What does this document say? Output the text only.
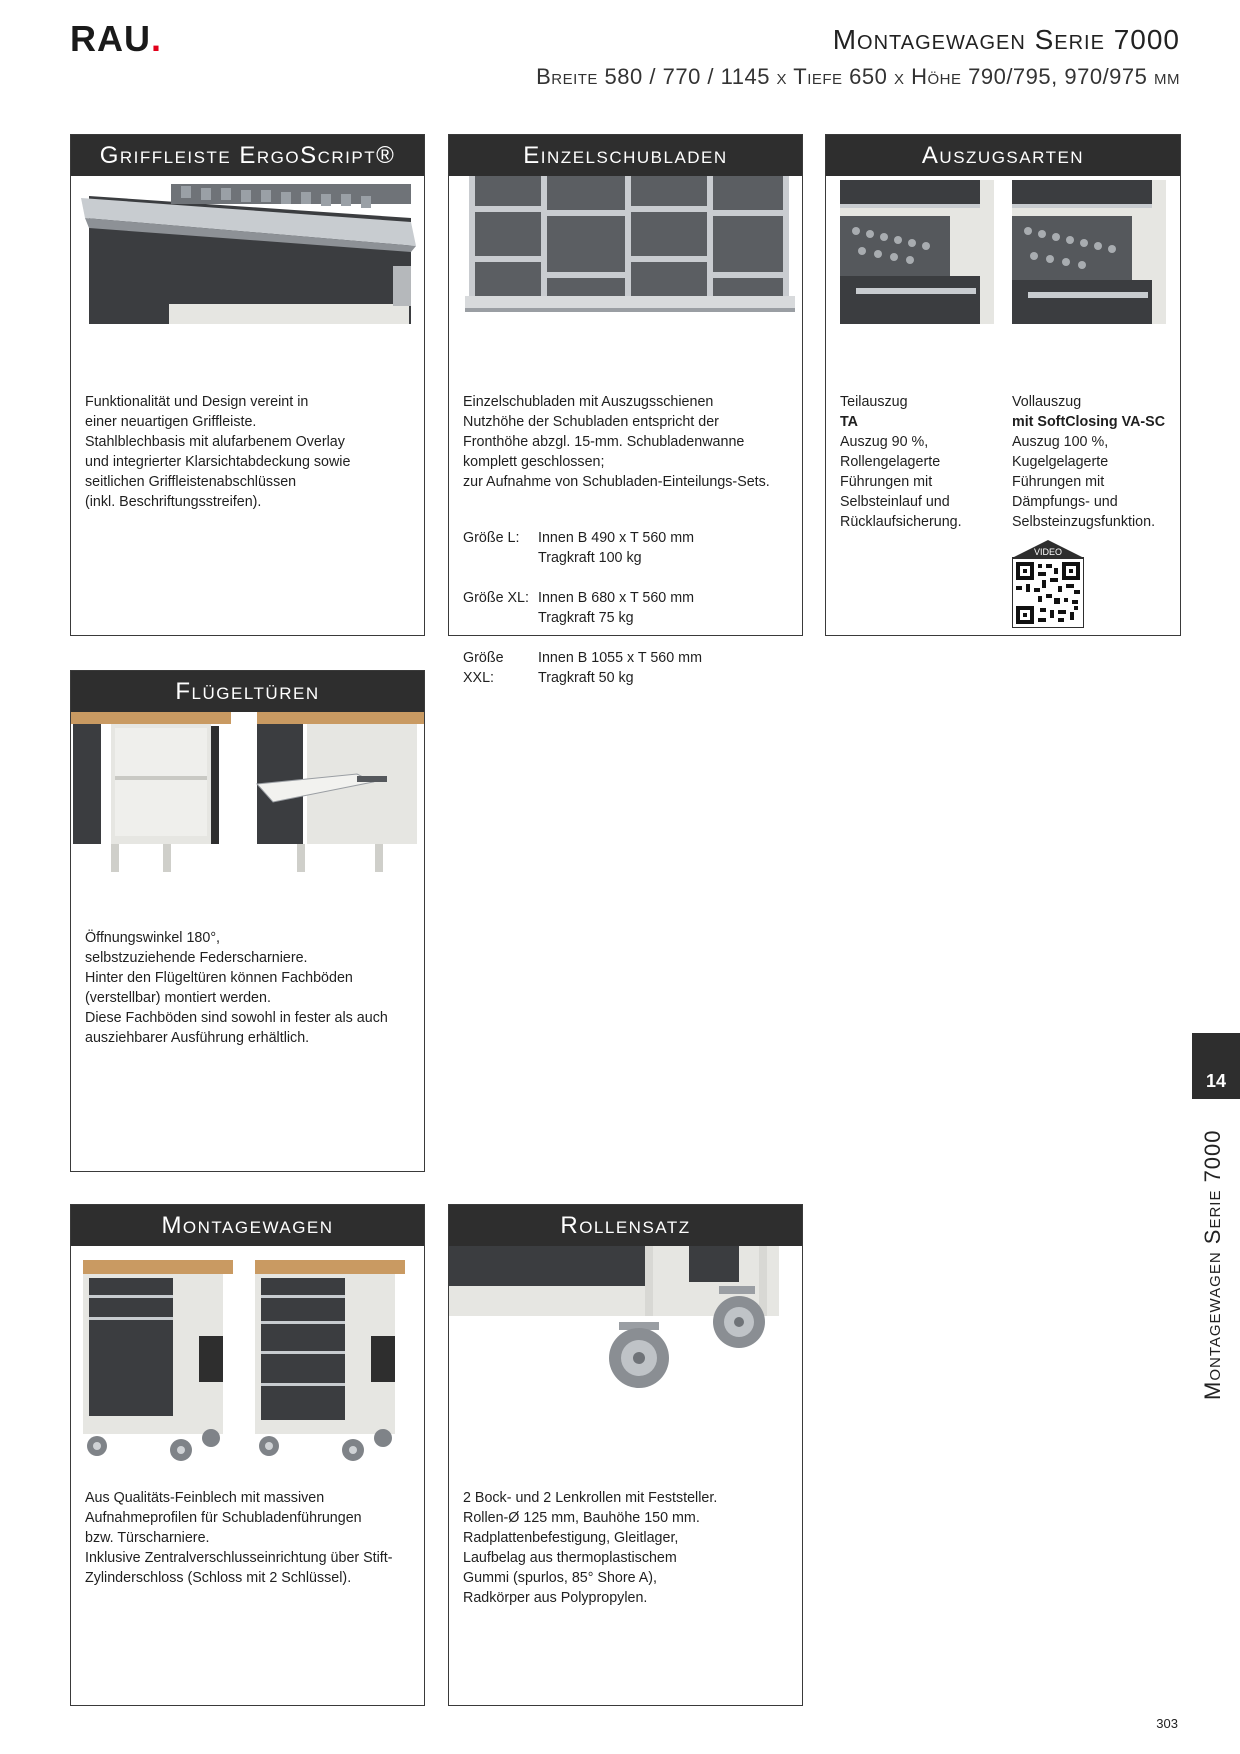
RAU.	Montagewagen Serie 7000
Breite 580 / 770 / 1145 x Tiefe 650 x Höhe 790/795, 970/975 mm
Griffleiste ErgoScript®
Funktionalität und Design vereint in
einer neuartigen Griffleiste.
Stahlblechbasis mit alufarbenem Overlay
und integrierter Klarsichtabdeckung sowie
seitlichen Griffleistenabschlüssen
(inkl. Beschriftungsstreifen).
Einzelschubladen
Einzelschubladen mit Auszugsschienen
Nutzhöhe der Schubladen entspricht der
Fronthöhe abzgl. 15-mm. Schubladenwanne
komplett geschlossen;
zur Aufnahme von Schubladen-Einteilungs-Sets.

Größe L:	Innen B 490 x T 560 mm
Tragkraft 100 kg

Größe XL: Innen B 680 x T 560 mm
Tragkraft 75 kg

Größe XXL:
Innen B 1055 x T 560 mm
Tragkraft 50 kg

Auszugsarten
Teilauszug
TA
Auszug 90 %,
Rollengelagerte
Führungen mit
Selbsteinlauf und
Rücklaufsicherung.
Vollauszug
mit SoftClosing VA-SC
Auszug 100 %,
Kugelgelagerte
Führungen mit
Dämpfungs- und
Selbsteinzugsfunktion.
VIDEO
Flügeltüren
Öffnungswinkel 180°,
selbstzuziehende Federscharniere.
Hinter den Flügeltüren können Fachböden
(verstellbar) montiert werden.
Diese Fachböden sind sowohl in fester als auch
ausziehbarer Ausführung erhältlich.
Montagewagen
Aus Qualitäts-Feinblech mit massiven
Aufnahmeprofilen für Schubladenführungen
bzw. Türscharniere.
Inklusive Zentralverschlusseinrichtung über Stift-
Zylinderschloss (Schloss mit 2 Schlüssel).
Rollensatz
2 Bock- und 2 Lenkrollen mit Feststeller.
Rollen-Ø 125 mm, Bauhöhe 150 mm.
Radplattenbefestigung, Gleitlager,
Laufbelag aus thermoplastischem
Gummi (spurlos, 85° Shore A),
Radkörper aus Polypropylen.
14
Montagewagen Serie 7000
303
